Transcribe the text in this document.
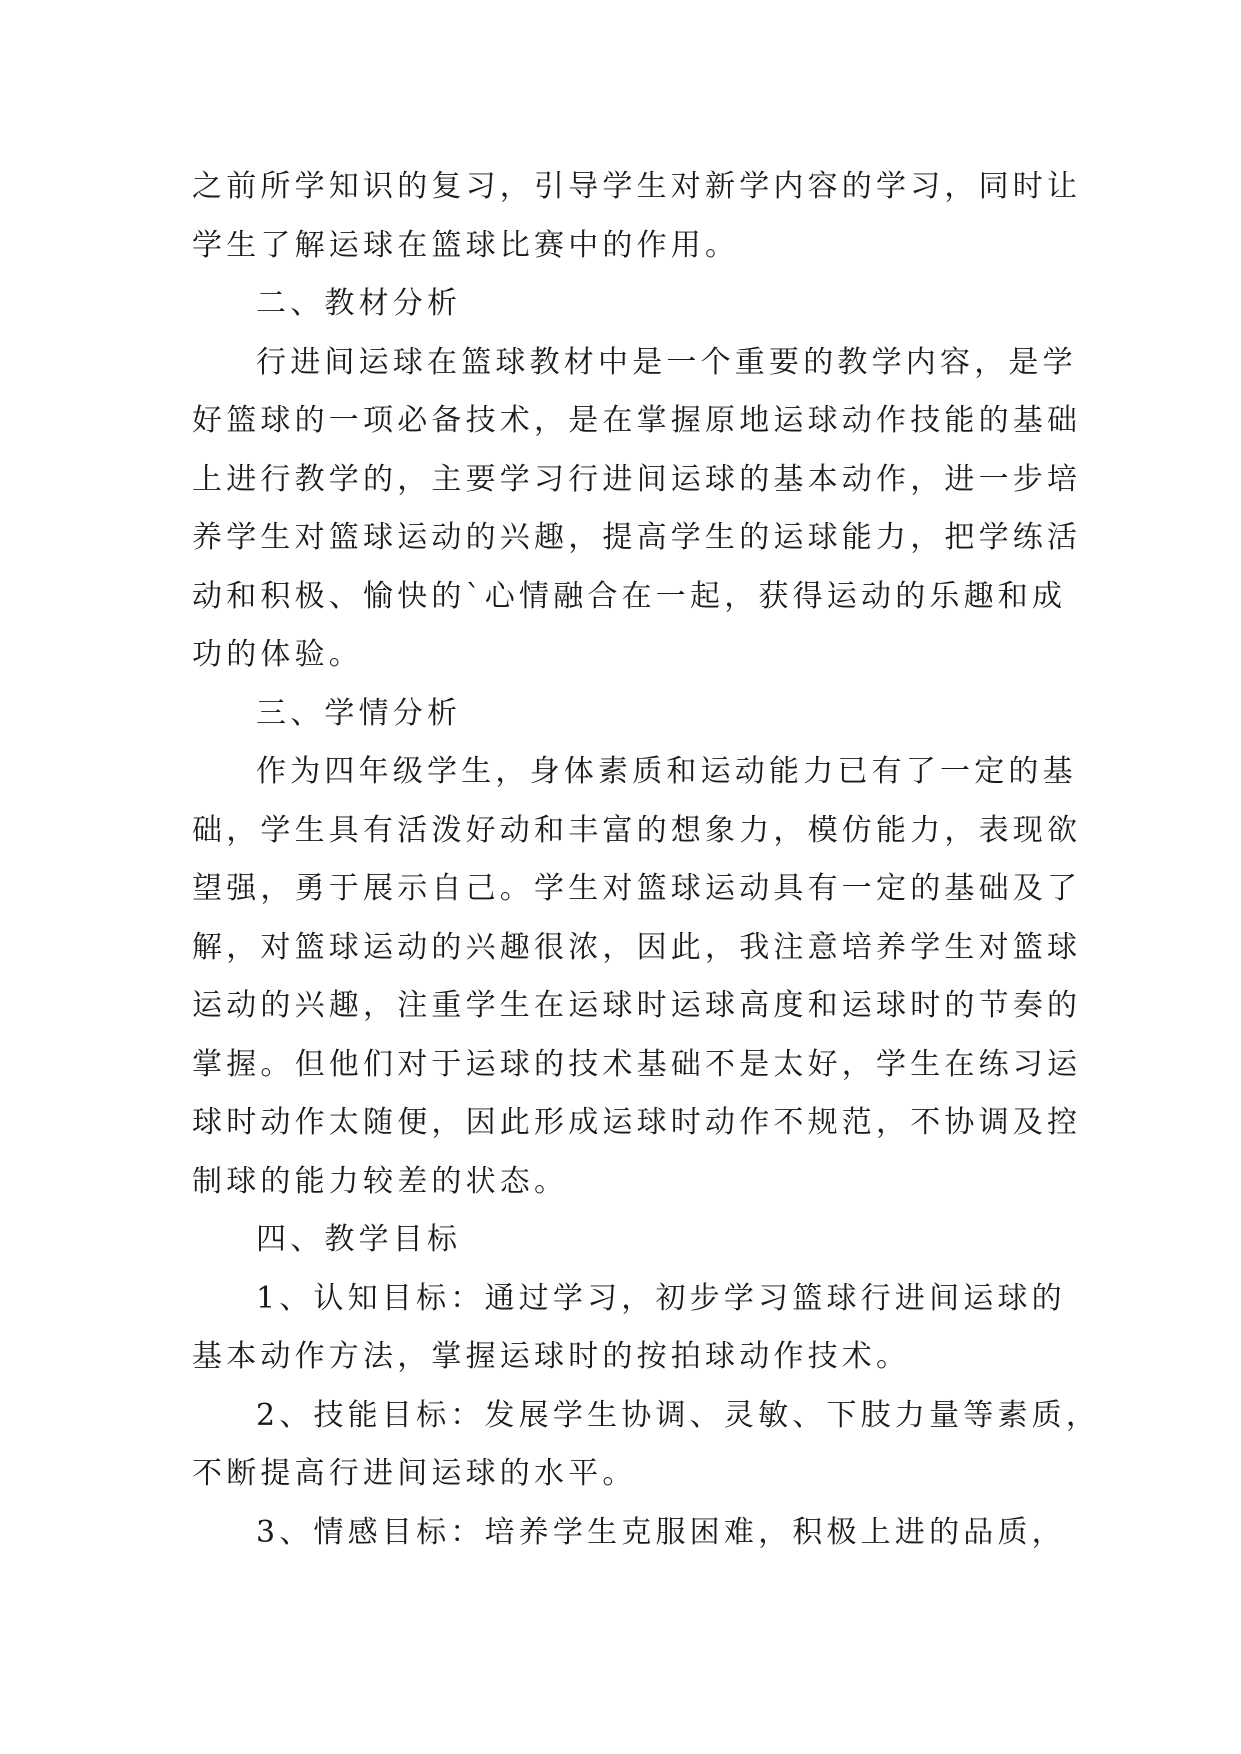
之前所学知识的复习，引导学生对新学内容的学习，同时让
学生了解运球在篮球比赛中的作用。
二、教材分析
行进间运球在篮球教材中是一个重要的教学内容，是学
好篮球的一项必备技术，是在掌握原地运球动作技能的基础
上进行教学的，主要学习行进间运球的基本动作，进一步培
养学生对篮球运动的兴趣，提高学生的运球能力，把学练活
动和积极、愉快的`心情融合在一起，获得运动的乐趣和成
功的体验。
三、学情分析
作为四年级学生，身体素质和运动能力已有了一定的基
础，学生具有活泼好动和丰富的想象力，模仿能力，表现欲
望强，勇于展示自己。学生对篮球运动具有一定的基础及了
解，对篮球运动的兴趣很浓，因此，我注意培养学生对篮球
运动的兴趣，注重学生在运球时运球高度和运球时的节奏的
掌握。但他们对于运球的技术基础不是太好，学生在练习运
球时动作太随便，因此形成运球时动作不规范，不协调及控
制球的能力较差的状态。
四、教学目标
1、认知目标：通过学习，初步学习篮球行进间运球的
基本动作方法，掌握运球时的按拍球动作技术。
2、技能目标：发展学生协调、灵敏、下肢力量等素质，
不断提高行进间运球的水平。
3、情感目标：培养学生克服困难，积极上进的品质，
